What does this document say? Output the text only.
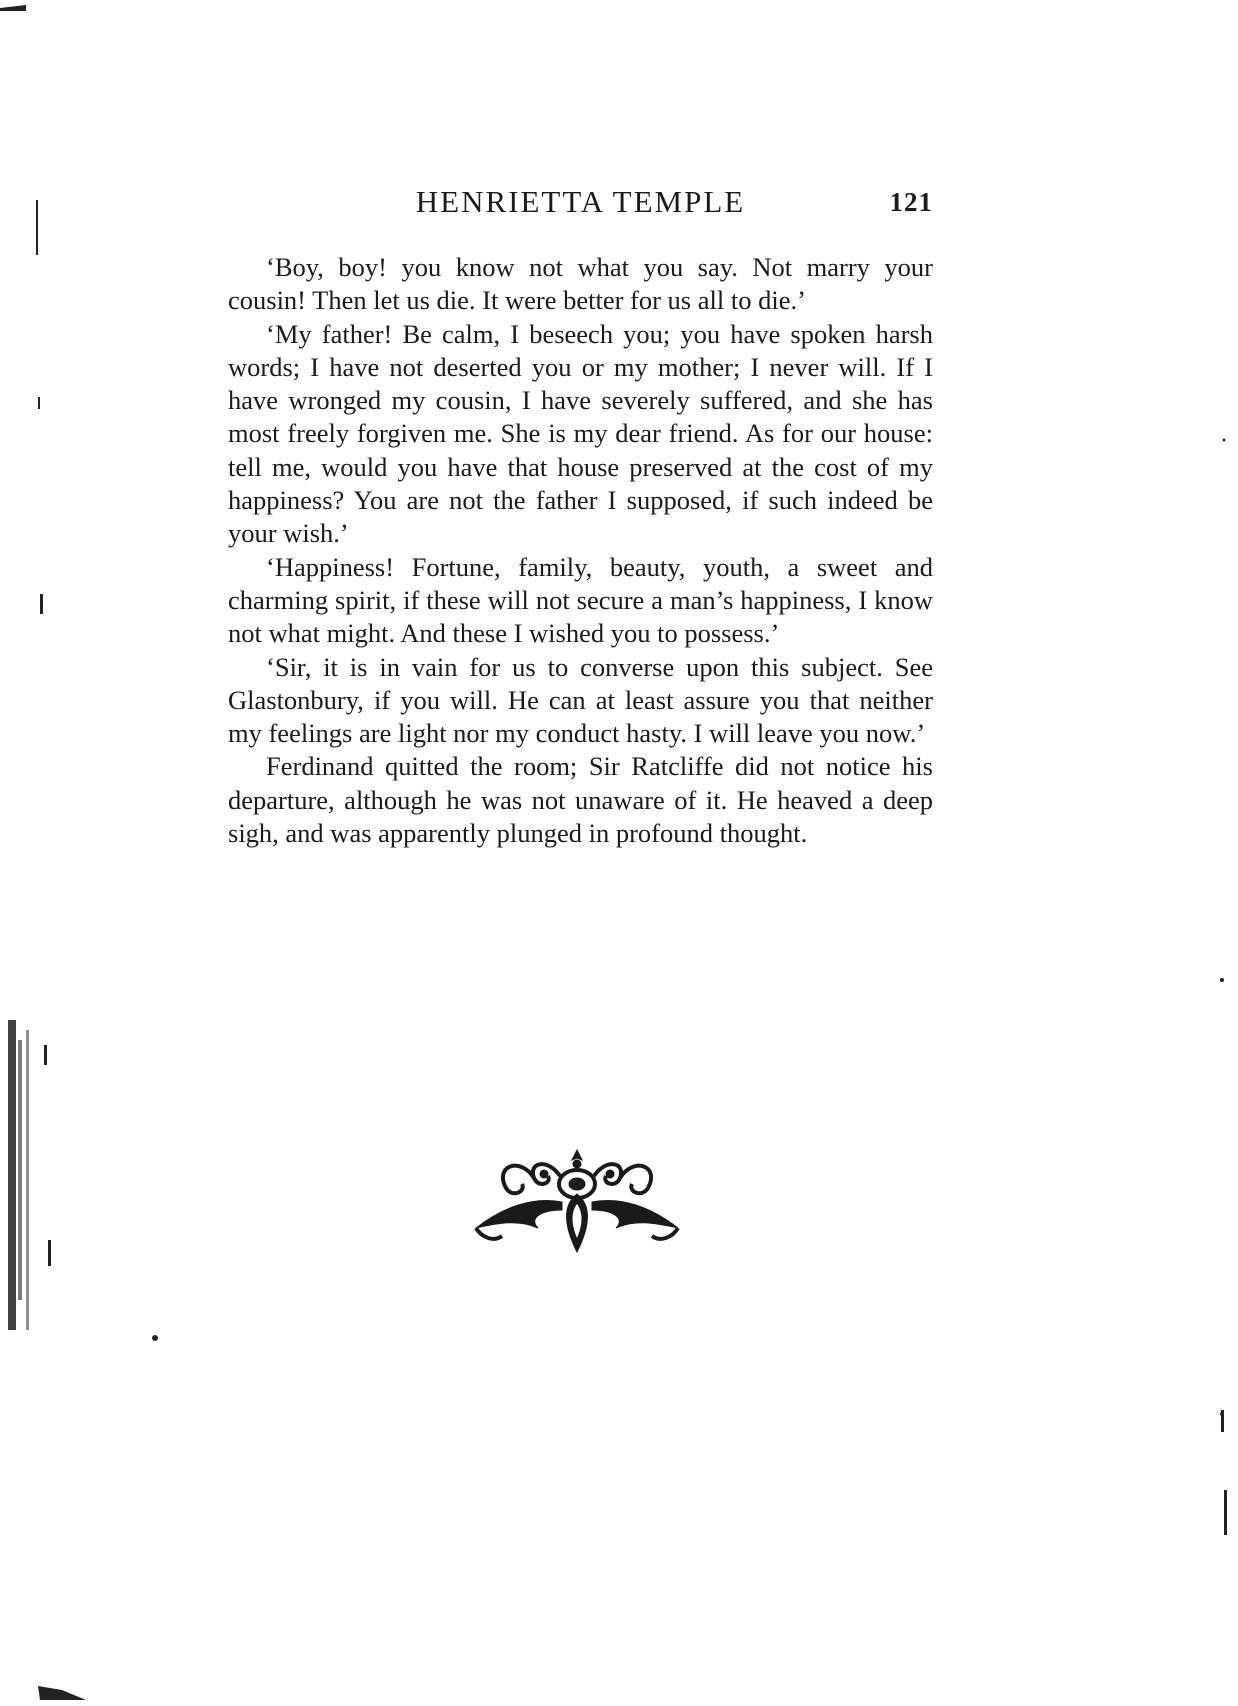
HENRIETTA TEMPLE	121

‘Boy, boy! you know not what you say. Not marry your cousin! Then let us die. It were better for us all to die.’

‘My father! Be calm, I beseech you; you have spoken harsh words; I have not deserted you or my mother; I never will. If I have wronged my cousin, I have severely suffered, and she has most freely forgiven me. She is my dear friend. As for our house: tell me, would you have that house preserved at the cost of my happiness? You are not the father I supposed, if such indeed be your wish.’

‘Happiness! Fortune, family, beauty, youth, a sweet and charming spirit, if these will not secure a man’s happiness, I know not what might. And these I wished you to possess.’

‘Sir, it is in vain for us to converse upon this subject. See Glastonbury, if you will. He can at least assure you that neither my feelings are light nor my conduct hasty. I will leave you now.’

Ferdinand quitted the room; Sir Ratcliffe did not notice his departure, although he was not unaware of it. He heaved a deep sigh, and was apparently plunged in profound thought.
